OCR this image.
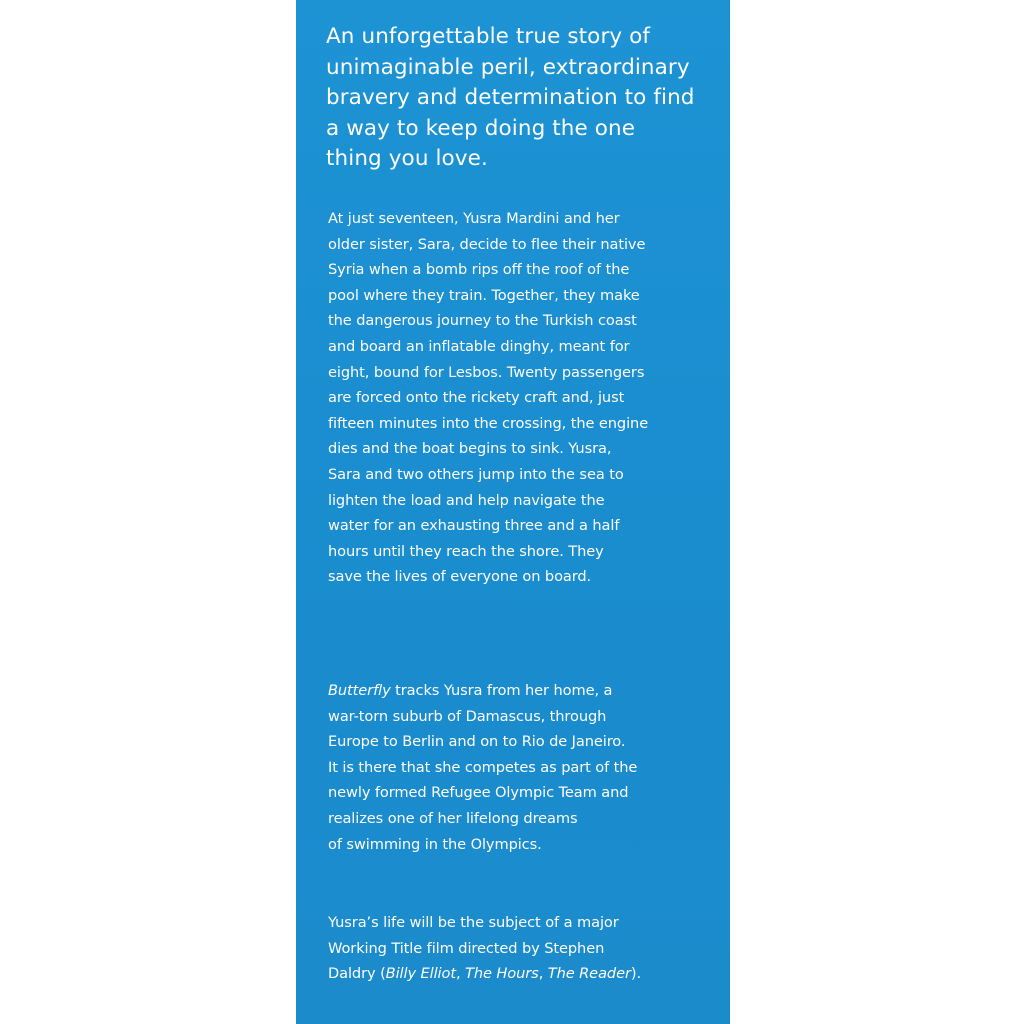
An unforgettable true story of
unimaginable peril, extraordinary
bravery and determination to find
a way to keep doing the one
thing you love.

At just seventeen, Yusra Mardini and her
older sister, Sara, decide to flee their native
Syria when a bomb rips off the roof of the
pool where they train. Together, they make
the dangerous journey to the Turkish coast
and board an inflatable dinghy, meant for
eight, bound for Lesbos. Twenty passengers
are forced onto the rickety craft and, just
fifteen minutes into the crossing, the engine
dies and the boat begins to sink. Yusra,
Sara and two others jump into the sea to
lighten the load and help navigate the
water for an exhausting three and a half
hours until they reach the shore. They
save the lives of everyone on board.

Butterfly tracks Yusra from her home, a
war-torn suburb of Damascus, through
Europe to Berlin and on to Rio de Janeiro.
It is there that she competes as part of the
newly formed Refugee Olympic Team and
realizes one of her lifelong dreams
of swimming in the Olympics.

Yusra’s life will be the subject of a major
Working Title film directed by Stephen
Daldry (Billy Elliot, The Hours, The Reader).
